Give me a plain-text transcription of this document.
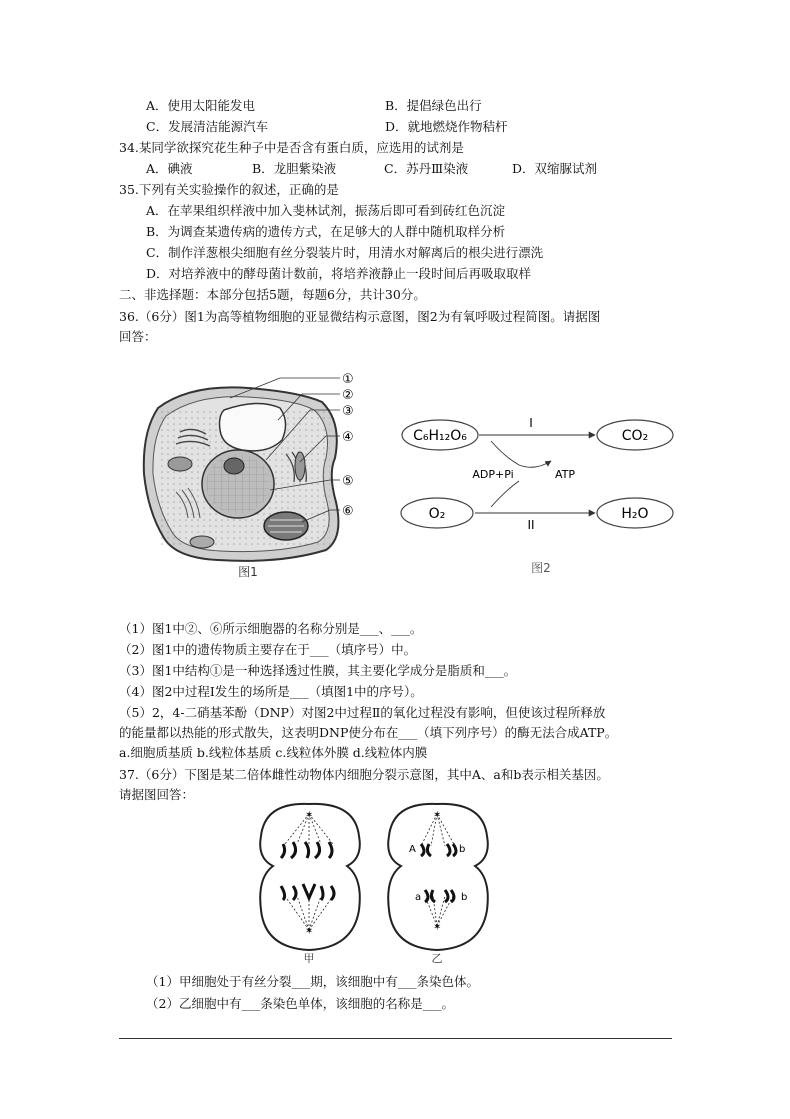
A．使用太阳能发电	B．提倡绿色出行
C．发展清洁能源汽车	D．就地燃烧作物秸杆
34.某同学欲探究花生种子中是否含有蛋白质，应选用的试剂是
A．碘液	B．龙胆紫染液	C．苏丹Ⅲ染液	D．双缩脲试剂
35.下列有关实验操作的叙述，正确的是
A．在苹果组织样液中加入斐林试剂，振荡后即可看到砖红色沉淀
B．为调查某遗传病的遗传方式，在足够大的人群中随机取样分析
C．制作洋葱根尖细胞有丝分裂装片时，用清水对解离后的根尖进行漂洗
D．对培养液中的酵母菌计数前，将培养液静止一段时间后再吸取取样
二、非选择题：本部分包括5题，每题6分，共计30分。
36.（6分）图1为高等植物细胞的亚显微结构示意图，图2为有氧呼吸过程简图。请据图
回答：
①
②
③
④
⑤
⑥
图1
C₆H₁₂O₆	CO₂
O₂	H₂O
I
II
ADP+Pi	ATP
图2
（1）图1中②、⑥所示细胞器的名称分别是___、___。
（2）图1中的遗传物质主要存在于___（填序号）中。
（3）图1中结构①是一种选择透过性膜，其主要化学成分是脂质和___。
（4）图2中过程Ⅰ发生的场所是___（填图1中的序号）。
（5）2，4-二硝基苯酚（DNP）对图2中过程Ⅱ的氧化过程没有影响，但使该过程所释放
的能量都以热能的形式散失，这表明DNP使分布在___（填下列序号）的酶无法合成ATP。
a.细胞质基质 b.线粒体基质 c.线粒体外膜 d.线粒体内膜
37.（6分）下图是某二倍体雌性动物体内细胞分裂示意图，其中A、a和b表示相关基因。
请据图回答：
✶
✶
✶
✶
A	b
a	b
甲	乙
（1）甲细胞处于有丝分裂___期，该细胞中有___条染色体。
（2）乙细胞中有___条染色单体，该细胞的名称是___。
